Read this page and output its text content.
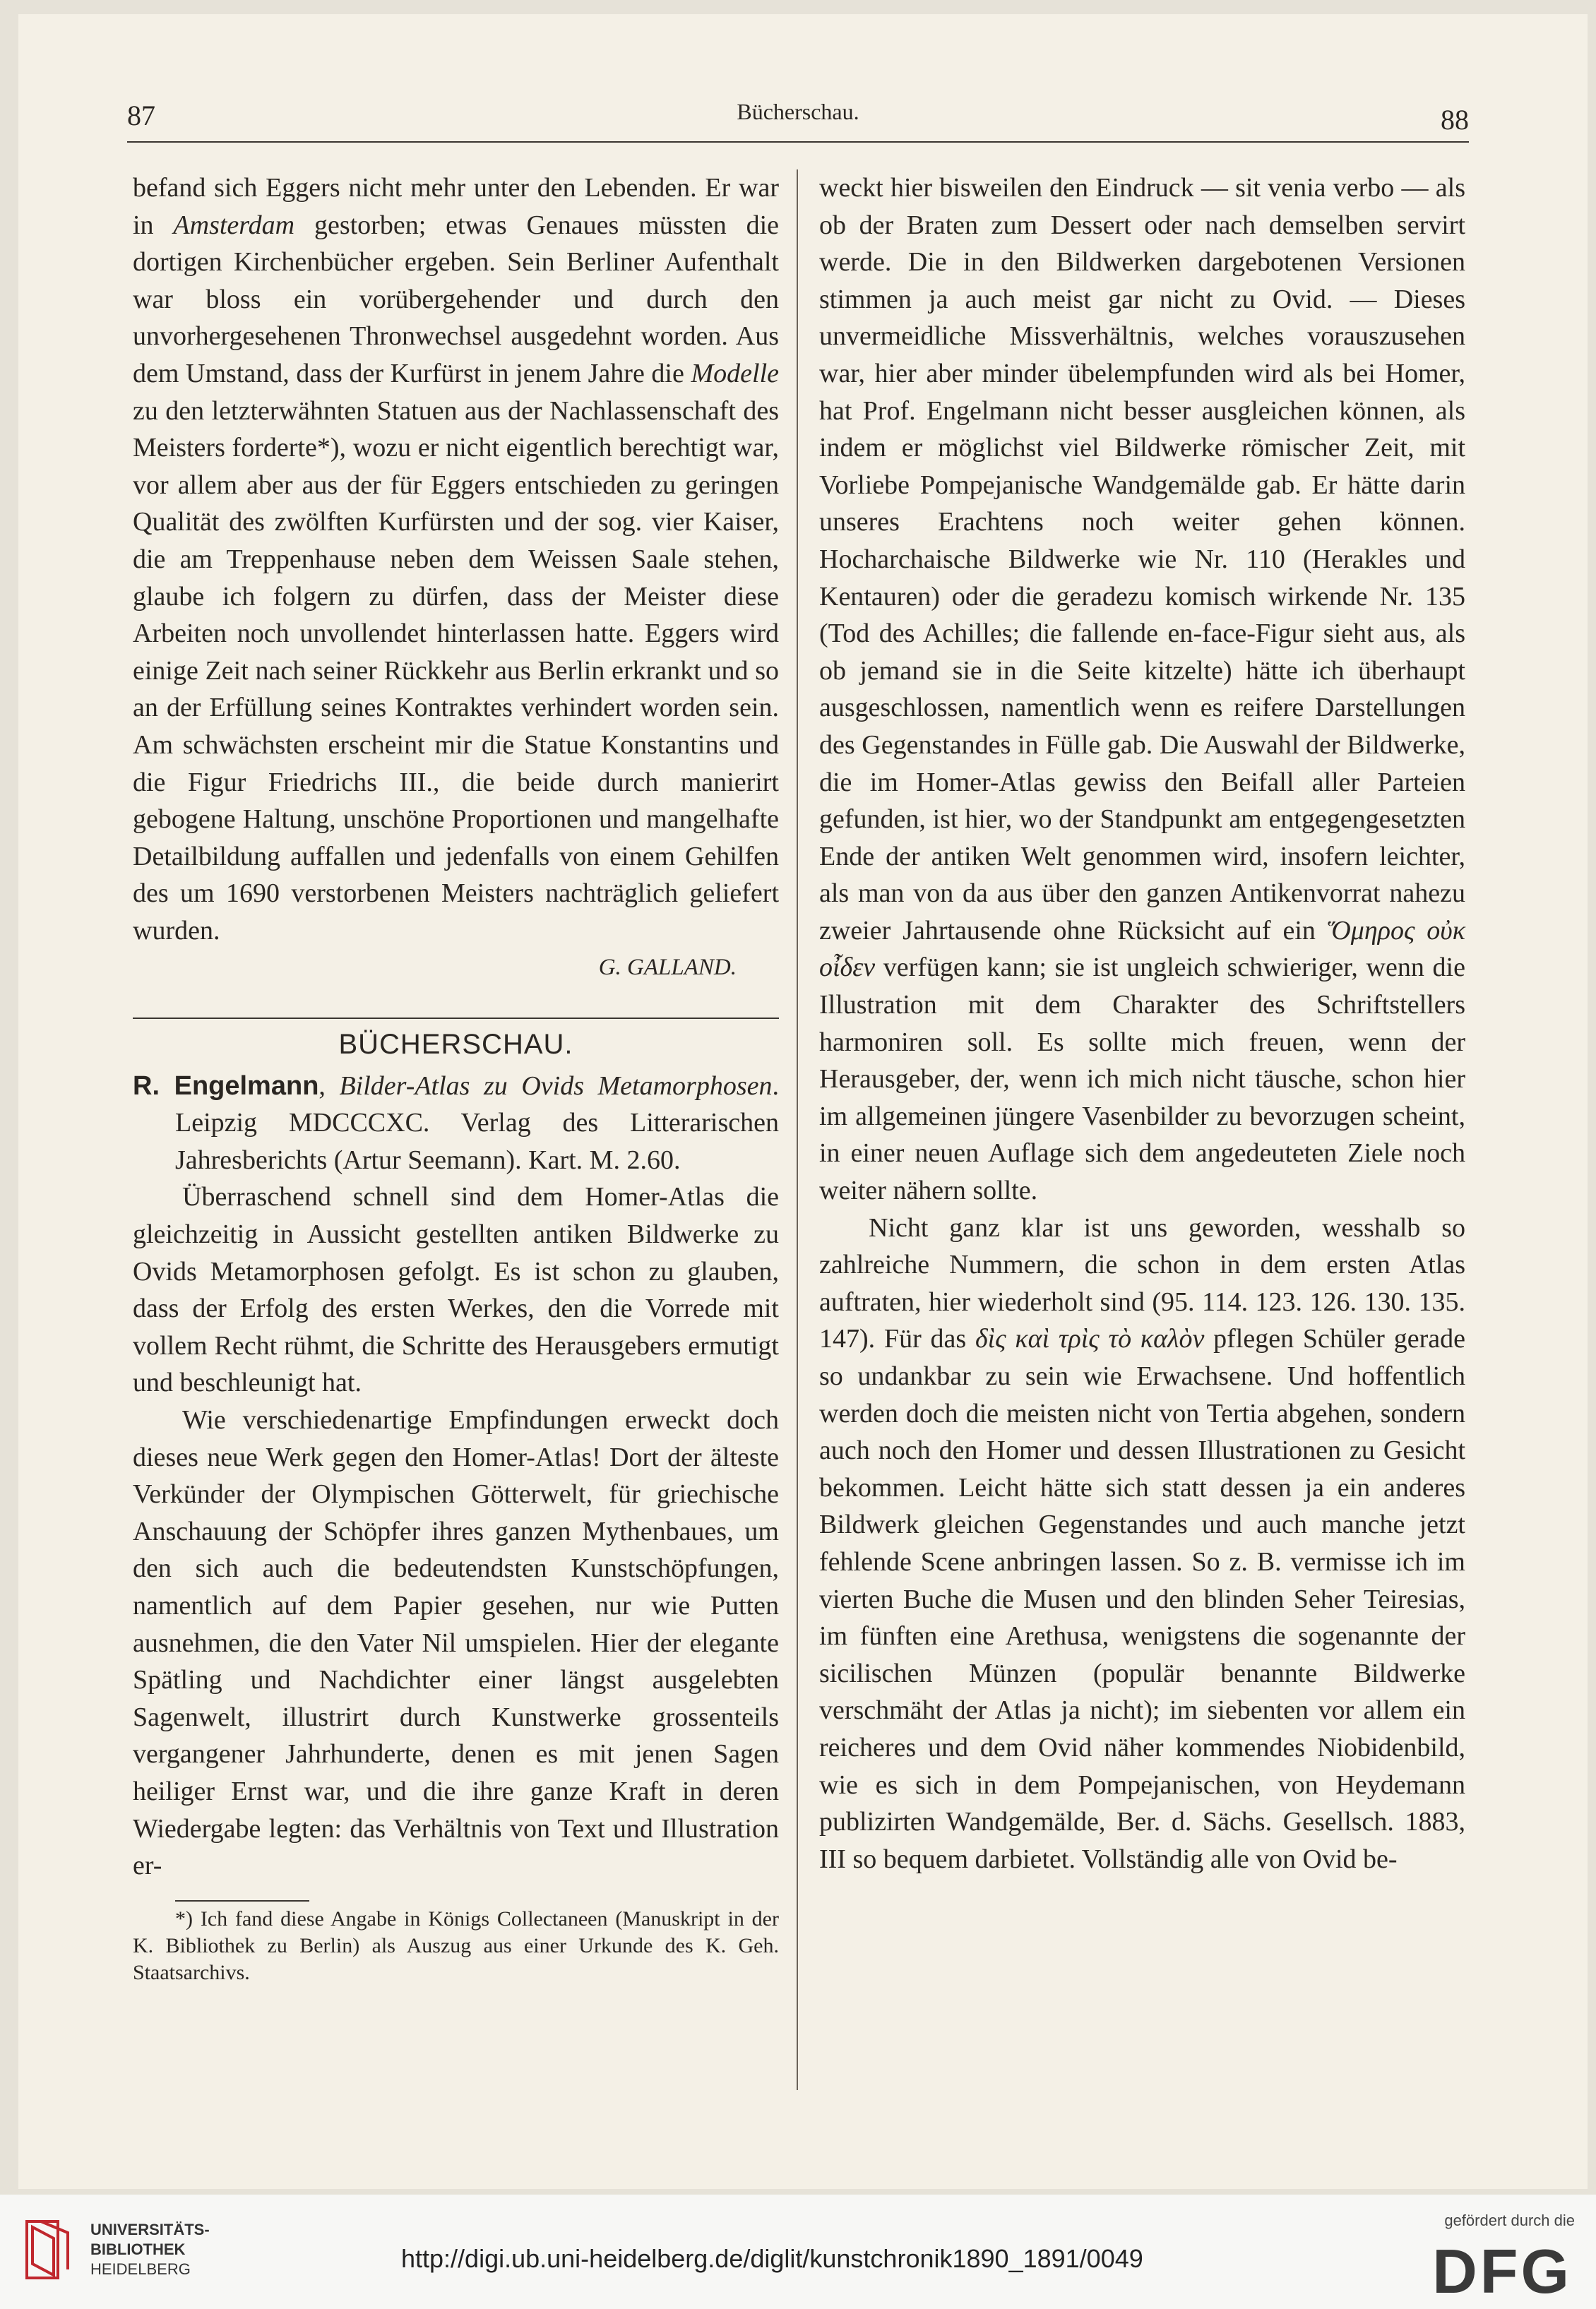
87	Bücherschau.	88

befand sich Eggers nicht mehr unter den Lebenden. Er war in Amsterdam gestorben; etwas Genaues müssten die dortigen Kirchenbücher ergeben. Sein Berliner Aufenthalt war bloss ein vorübergehender und durch den unvorhergesehenen Thronwechsel ausgedehnt worden. Aus dem Umstand, dass der Kurfürst in jenem Jahre die Modelle zu den letzterwähnten Statuen aus der Nachlassenschaft des Meisters forderte*), wozu er nicht eigentlich berechtigt war, vor allem aber aus der für Eggers entschieden zu geringen Qualität des zwölften Kurfürsten und der sog. vier Kaiser, die am Treppenhause neben dem Weissen Saale stehen, glaube ich folgern zu dürfen, dass der Meister diese Arbeiten noch unvollendet hinterlassen hatte. Eggers wird einige Zeit nach seiner Rückkehr aus Berlin erkrankt und so an der Erfüllung seines Kontraktes verhindert worden sein. Am schwächsten erscheint mir die Statue Konstantins und die Figur Friedrichs III., die beide durch manierirt gebogene Haltung, unschöne Proportionen und mangelhafte Detailbildung auffallen und jedenfalls von einem Gehilfen des um 1690 verstorbenen Meisters nachträglich geliefert wurden.

G. GALLAND.

BÜCHERSCHAU.

R. Engelmann, Bilder-Atlas zu Ovids Metamorphosen. Leipzig MDCCCXC. Verlag des Litterarischen Jahresberichts (Artur Seemann). Kart. M. 2.60.

Überraschend schnell sind dem Homer-Atlas die gleichzeitig in Aussicht gestellten antiken Bildwerke zu Ovids Metamorphosen gefolgt. Es ist schon zu glauben, dass der Erfolg des ersten Werkes, den die Vorrede mit vollem Recht rühmt, die Schritte des Herausgebers ermutigt und beschleunigt hat.

Wie verschiedenartige Empfindungen erweckt doch dieses neue Werk gegen den Homer-Atlas! Dort der älteste Verkünder der Olympischen Götterwelt, für griechische Anschauung der Schöpfer ihres ganzen Mythenbaues, um den sich auch die bedeutendsten Kunstschöpfungen, namentlich auf dem Papier gesehen, nur wie Putten ausnehmen, die den Vater Nil umspielen. Hier der elegante Spätling und Nachdichter einer längst ausgelebten Sagenwelt, illustrirt durch Kunstwerke grossenteils vergangener Jahrhunderte, denen es mit jenen Sagen heiliger Ernst war, und die ihre ganze Kraft in deren Wiedergabe legten: das Verhältnis von Text und Illustration er-

*) Ich fand diese Angabe in Königs Collectaneen (Manuskript in der K. Bibliothek zu Berlin) als Auszug aus einer Urkunde des K. Geh. Staatsarchivs.

weckt hier bisweilen den Eindruck — sit venia verbo — als ob der Braten zum Dessert oder nach demselben servirt werde. Die in den Bildwerken dargebotenen Versionen stimmen ja auch meist gar nicht zu Ovid. — Dieses unvermeidliche Missverhältnis, welches vorauszusehen war, hier aber minder übelempfunden wird als bei Homer, hat Prof. Engelmann nicht besser ausgleichen können, als indem er möglichst viel Bildwerke römischer Zeit, mit Vorliebe Pompejanische Wandgemälde gab. Er hätte darin unseres Erachtens noch weiter gehen können. Hocharchaische Bildwerke wie Nr. 110 (Herakles und Kentauren) oder die geradezu komisch wirkende Nr. 135 (Tod des Achilles; die fallende en-face-Figur sieht aus, als ob jemand sie in die Seite kitzelte) hätte ich überhaupt ausgeschlossen, namentlich wenn es reifere Darstellungen des Gegenstandes in Fülle gab. Die Auswahl der Bildwerke, die im Homer-Atlas gewiss den Beifall aller Parteien gefunden, ist hier, wo der Standpunkt am entgegengesetzten Ende der antiken Welt genommen wird, insofern leichter, als man von da aus über den ganzen Antikenvorrat nahezu zweier Jahrtausende ohne Rücksicht auf ein Ὅμηρος οὐκ οἶδεν verfügen kann; sie ist ungleich schwieriger, wenn die Illustration mit dem Charakter des Schriftstellers harmoniren soll. Es sollte mich freuen, wenn der Herausgeber, der, wenn ich mich nicht täusche, schon hier im allgemeinen jüngere Vasenbilder zu bevorzugen scheint, in einer neuen Auflage sich dem angedeuteten Ziele noch weiter nähern sollte.

Nicht ganz klar ist uns geworden, wesshalb so zahlreiche Nummern, die schon in dem ersten Atlas auftraten, hier wiederholt sind (95. 114. 123. 126. 130. 135. 147). Für das δὶς καὶ τρὶς τὸ καλὸν pflegen Schüler gerade so undankbar zu sein wie Erwachsene. Und hoffentlich werden doch die meisten nicht von Tertia abgehen, sondern auch noch den Homer und dessen Illustrationen zu Gesicht bekommen. Leicht hätte sich statt dessen ja ein anderes Bildwerk gleichen Gegenstandes und auch manche jetzt fehlende Scene anbringen lassen. So z. B. vermisse ich im vierten Buche die Musen und den blinden Seher Teiresias, im fünften eine Arethusa, wenigstens die sogenannte der sicilischen Münzen (populär benannte Bildwerke verschmäht der Atlas ja nicht); im siebenten vor allem ein reicheres und dem Ovid näher kommendes Niobidenbild, wie es sich in dem Pompejanischen, von Heydemann publizirten Wandgemälde, Ber. d. Sächs. Gesellsch. 1883, III so bequem darbietet. Vollständig alle von Ovid be-

UNIVERSITÄTS-
BIBLIOTHEK
HEIDELBERG	http://digi.ub.uni-heidelberg.de/diglit/kunstchronik1890_1891/0049
gefördert durch die
DFG
